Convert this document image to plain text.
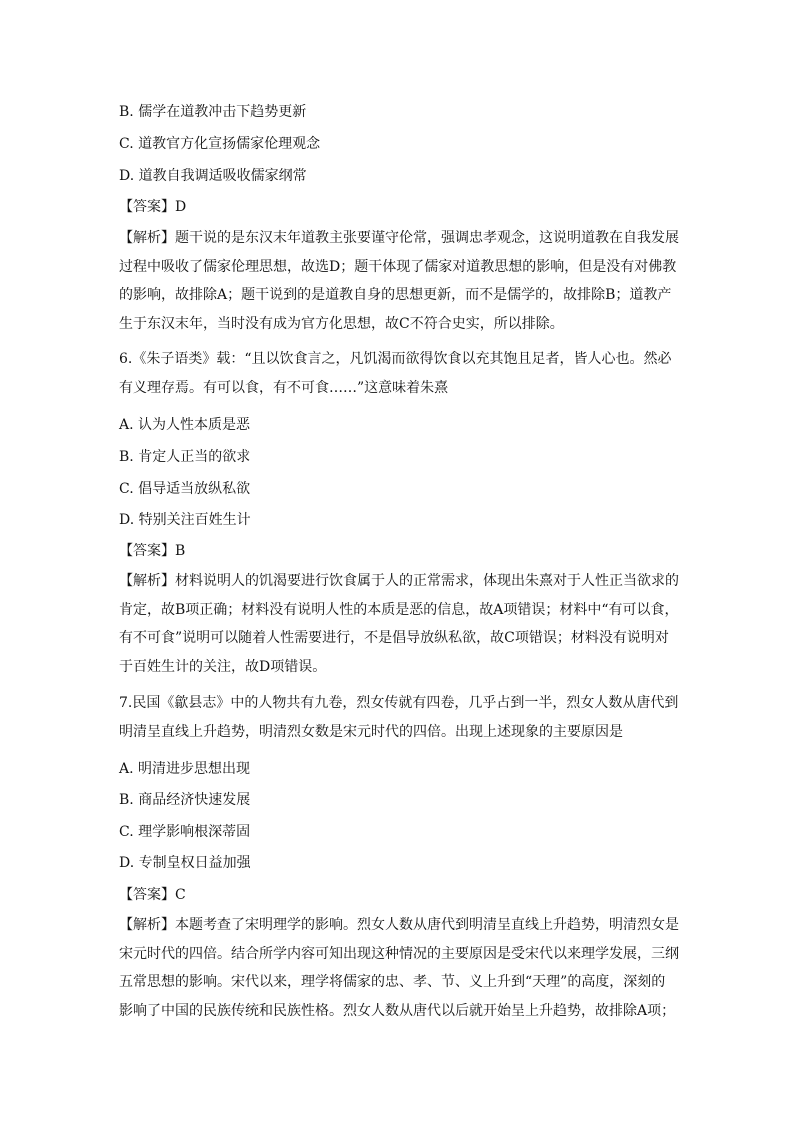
B. 儒学在道教冲击下趋势更新
C. 道教官方化宣扬儒家伦理观念
D. 道教自我调适吸收儒家纲常
【答案】D
【解析】题干说的是东汉末年道教主张要谨守伦常，强调忠孝观念，这说明道教在自我发展
过程中吸收了儒家伦理思想，故选D；题干体现了儒家对道教思想的影响，但是没有对佛教
的影响，故排除A；题干说到的是道教自身的思想更新，而不是儒学的，故排除B；道教产
生于东汉末年，当时没有成为官方化思想，故C不符合史实，所以排除。
6.《朱子语类》载：“且以饮食言之，凡饥渴而欲得饮食以充其饱且足者，皆人心也。然必
有义理存焉。有可以食，有不可食……”这意味着朱熹
A. 认为人性本质是恶
B. 肯定人正当的欲求
C. 倡导适当放纵私欲
D. 特别关注百姓生计
【答案】B
【解析】材料说明人的饥渴要进行饮食属于人的正常需求，体现出朱熹对于人性正当欲求的
肯定，故B项正确；材料没有说明人性的本质是恶的信息，故A项错误；材料中“有可以食，
有不可食”说明可以随着人性需要进行，不是倡导放纵私欲，故C项错误；材料没有说明对
于百姓生计的关注，故D项错误。
7.民国《歙县志》中的人物共有九卷，烈女传就有四卷，几乎占到一半，烈女人数从唐代到
明清呈直线上升趋势，明清烈女数是宋元时代的四倍。出现上述现象的主要原因是
A. 明清进步思想出现
B. 商品经济快速发展
C. 理学影响根深蒂固
D. 专制皇权日益加强
【答案】C
【解析】本题考查了宋明理学的影响。烈女人数从唐代到明清呈直线上升趋势，明清烈女是
宋元时代的四倍。结合所学内容可知出现这种情况的主要原因是受宋代以来理学发展，三纲
五常思想的影响。宋代以来，理学将儒家的忠、孝、节、义上升到“天理”的高度，深刻的
影响了中国的民族传统和民族性格。烈女人数从唐代以后就开始呈上升趋势，故排除A项；
